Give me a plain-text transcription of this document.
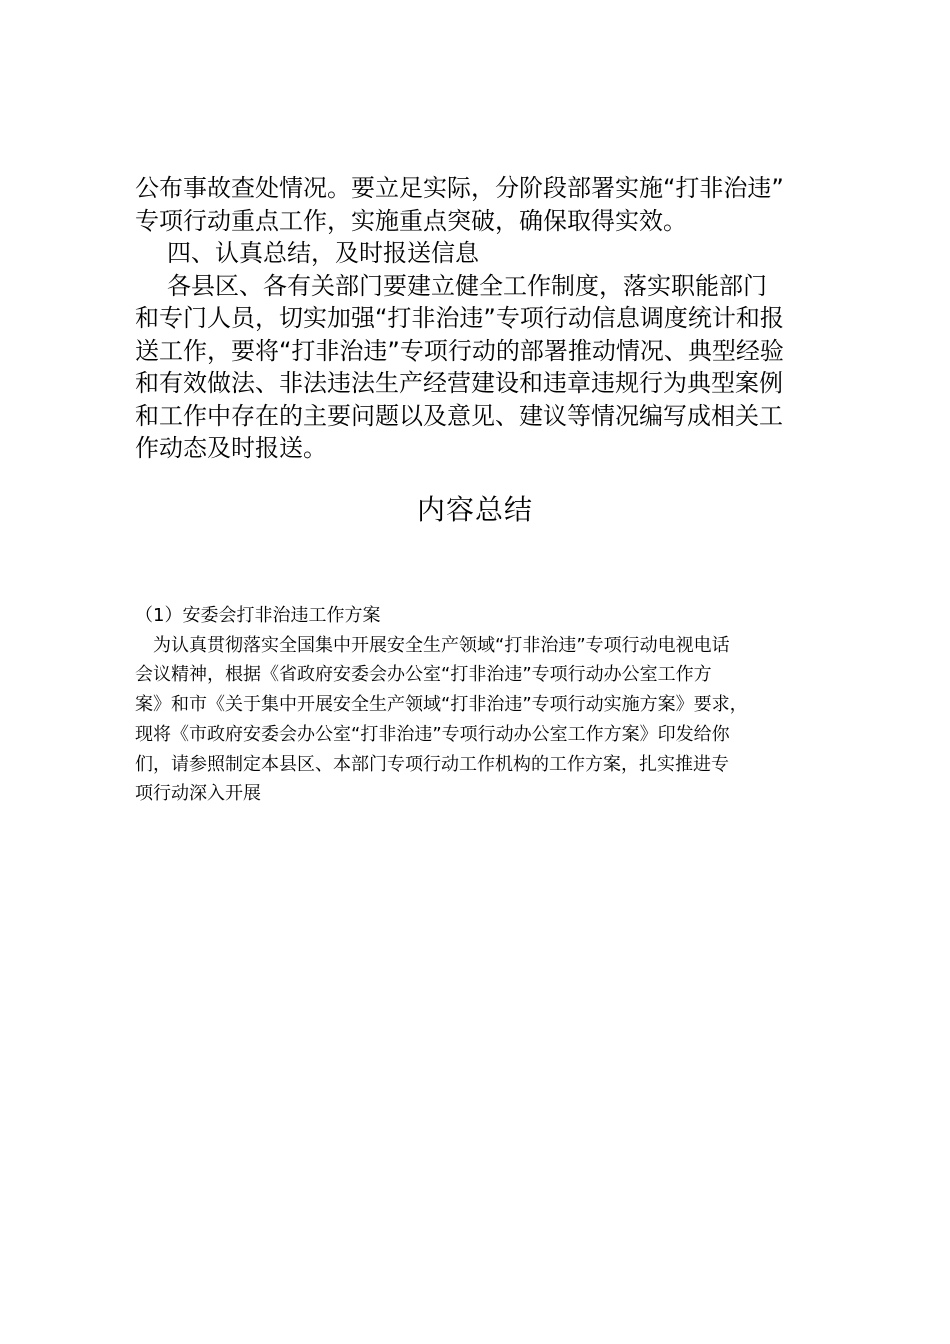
公布事故查处情况。要立足实际，分阶段部署实施“打非治违”
专项行动重点工作，实施重点突破，确保取得实效。
四、认真总结，及时报送信息
各县区、各有关部门要建立健全工作制度，落实职能部门
和专门人员，切实加强“打非治违”专项行动信息调度统计和报
送工作，要将“打非治违”专项行动的部署推动情况、典型经验
和有效做法、非法违法生产经营建设和违章违规行为典型案例
和工作中存在的主要问题以及意见、建议等情况编写成相关工
作动态及时报送。
内容总结
（1）安委会打非治违工作方案
为认真贯彻落实全国集中开展安全生产领域“打非治违”专项行动电视电话
会议精神，根据《省政府安委会办公室“打非治违”专项行动办公室工作方
案》和市《关于集中开展安全生产领域“打非治违”专项行动实施方案》要求，
现将《市政府安委会办公室“打非治违”专项行动办公室工作方案》印发给你
们，请参照制定本县区、本部门专项行动工作机构的工作方案，扎实推进专
项行动深入开展
